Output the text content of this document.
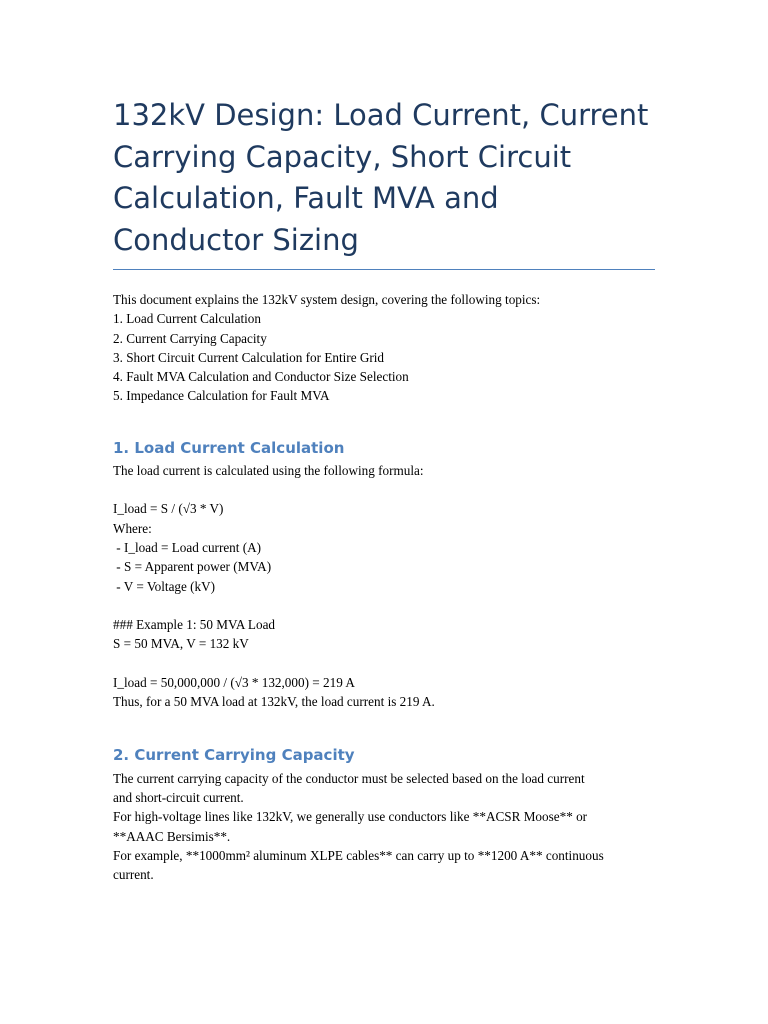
132kV Design: Load Current, Current Carrying Capacity, Short Circuit Calculation, Fault MVA and Conductor Sizing
This document explains the 132kV system design, covering the following topics:
1. Load Current Calculation
2. Current Carrying Capacity
3. Short Circuit Current Calculation for Entire Grid
4. Fault MVA Calculation and Conductor Size Selection
5. Impedance Calculation for Fault MVA
1. Load Current Calculation
The load current is calculated using the following formula:
I_load = S / (√3 * V)
Where:
- I_load = Load current (A)
- S = Apparent power (MVA)
- V = Voltage (kV)
### Example 1: 50 MVA Load
S = 50 MVA, V = 132 kV
I_load = 50,000,000 / (√3 * 132,000) = 219 A
Thus, for a 50 MVA load at 132kV, the load current is 219 A.
2. Current Carrying Capacity
The current carrying capacity of the conductor must be selected based on the load current
and short-circuit current.
For high-voltage lines like 132kV, we generally use conductors like **ACSR Moose** or
**AAAC Bersimis**.
For example, **1000mm² aluminum XLPE cables** can carry up to **1200 A** continuous
current.
